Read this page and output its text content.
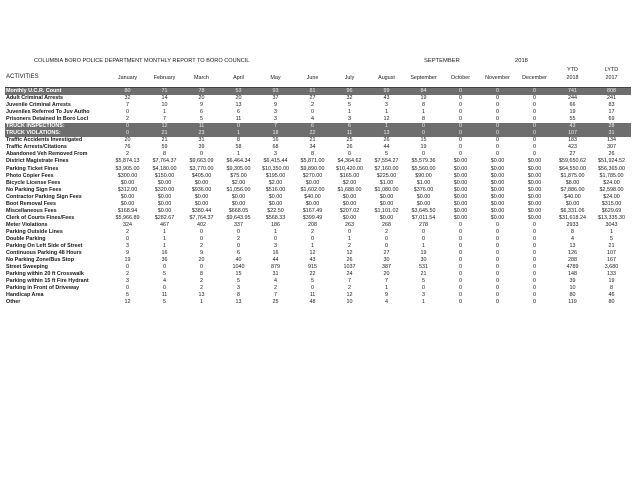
COLUMBIA BORO POLICE DEPARTMENT MONTHLY REPORT TO BORO COUNCIL	SEPTEMBER	2018
ACTIVITIES	January	February	March	April	May	June	July	August	September	October	November	December
YTD
2018
LYTD
2017
Monthly U.C.R. Count	80	71	78	53	93	81	96	99	84	0	0	0	741	808
Adult Criminal Arrests	32	14	20	20	37	27	32	43	19	0	0	0	244	241
Juvenile Criminal Arrests	7	10	9	13	9	2	5	3	8	0	0	0	66	83
Juveniles Referred To Juv Autho	0	1	6	6	3	0	1	1	1	0	0	0	19	17
Prisoners Detained In Boro Locl	2	7	5	11	3	4	3	12	8	0	0	0	55	69
TRUCK INSPECTIONS:	0	12	11	0	7	6	6	1	0	0	0	0	43	28
TRUCK VIOLATIONS:	0	21	23	1	18	22	11	13	0	0	0	0	107	31
Traffic Accidents Investigated	20	21	31	8	16	21	25	26	15	0	0	0	183	134
Traffic Arrests/Citations	76	59	39	58	68	34	26	44	19	0	0	0	423	307
Abandoned Veh Removed From	2	8	0	1	3	8	0	5	0	0	0	0	27	26
District Magistrate Fines	$5,874.13	$7,764.37	$9,663.09	$6,464.34	$6,415.44	$5,871.00	$4,364.62	$7,554.27	$5,579.36	$0.00	$0.00	$0.00	$59,650.62	$51,924.52
Parking Ticket Fines	$3,905.00	$4,180.00	$3,770.00	$9,305.00	$10,350.00	$9,890.00	$10,420.00	$7,160.00	$5,560.00	$0.00	$0.00	$0.00	$64,550.00	$56,365.00
Photo Copier Fees	$300.00	$150.00	$405.00	$75.00	$195.00	$270.00	$165.00	$225.00	$90.00	$0.00	$0.00	$0.00	$1,875.00	$1,785.00
Bicycle License Fees	$0.00	$0.00	$0.00	$2.00	$2.00	$0.00	$2.00	$1.00	$1.00	$0.00	$0.00	$0.00	$8.00	$24.00
No Parking Sign Fees	$312.00	$320.00	$936.00	$1,056.00	$516.00	$1,602.00	$1,688.00	$1,080.00	$376.00	$0.00	$0.00	$0.00	$7,886.00	$2,598.00
Contractor Parking Sign Fees	$0.00	$0.00	$0.00	$0.00	$0.00	$40.00	$0.00	$0.00	$0.00	$0.00	$0.00	$0.00	$40.00	$24.00
Boot Removal Fees	$0.00	$0.00	$0.00	$0.00	$0.00	$0.00	$0.00	$0.00	$0.00	$0.00	$0.00	$0.00	$0.00	$315.00
Miscellaneous Fees	$168.94	$0.00	$380.44	$668.05	$22.50	$167.49	$207.02	$1,101.02	$3,645.50	$0.00	$0.00	$0.00	$6,331.06	$629.69
Clerk of Courts Fines/Fees	$5,966.89	$282.67	$7,764.37	$9,643.95	$568.33	$399.49	$0.00	$0.00	$7,011.54	$0.00	$0.00	$0.00	$31,618.24	$13,335.30
Meter Violations	324	467	402	337	186	208	263	268	278	0	0	0	2933	3043
Parking Outside Lines	2	1	0	0	1	2	0	2	0	0	0	0	8	1
Double Parking	0	1	0	2	0	0	1	0	0	0	0	0	4	5
Parking On Left Side of Street	3	1	2	0	3	1	2	0	1	0	0	0	13	21
Continuous Parking 48 Hours	9	16	9	6	16	12	12	27	19	0	0	0	126	107
No Parking Zone/Bus Stop	19	36	20	40	44	43	26	30	30	0	0	0	288	167
Street Sweeping	0	0	0	1040	879	915	1037	387	531	0	0	0	4789	3,680
Parking within 20 ft Crosswalk	2	5	8	15	31	22	24	20	21	0	0	0	148	133
Parking within 15 ft Fire Hydrant	3	4	2	5	4	5	7	7	5	0	0	0	39	19
Parking in Front of Driveway	0	0	2	3	2	0	2	1	0	0	0	0	10	8
Handicap Area	5	11	13	8	7	11	12	9	3	0	0	0	80	46
Other	12	5	1	13	25	48	10	4	1	0	0	0	119	80
